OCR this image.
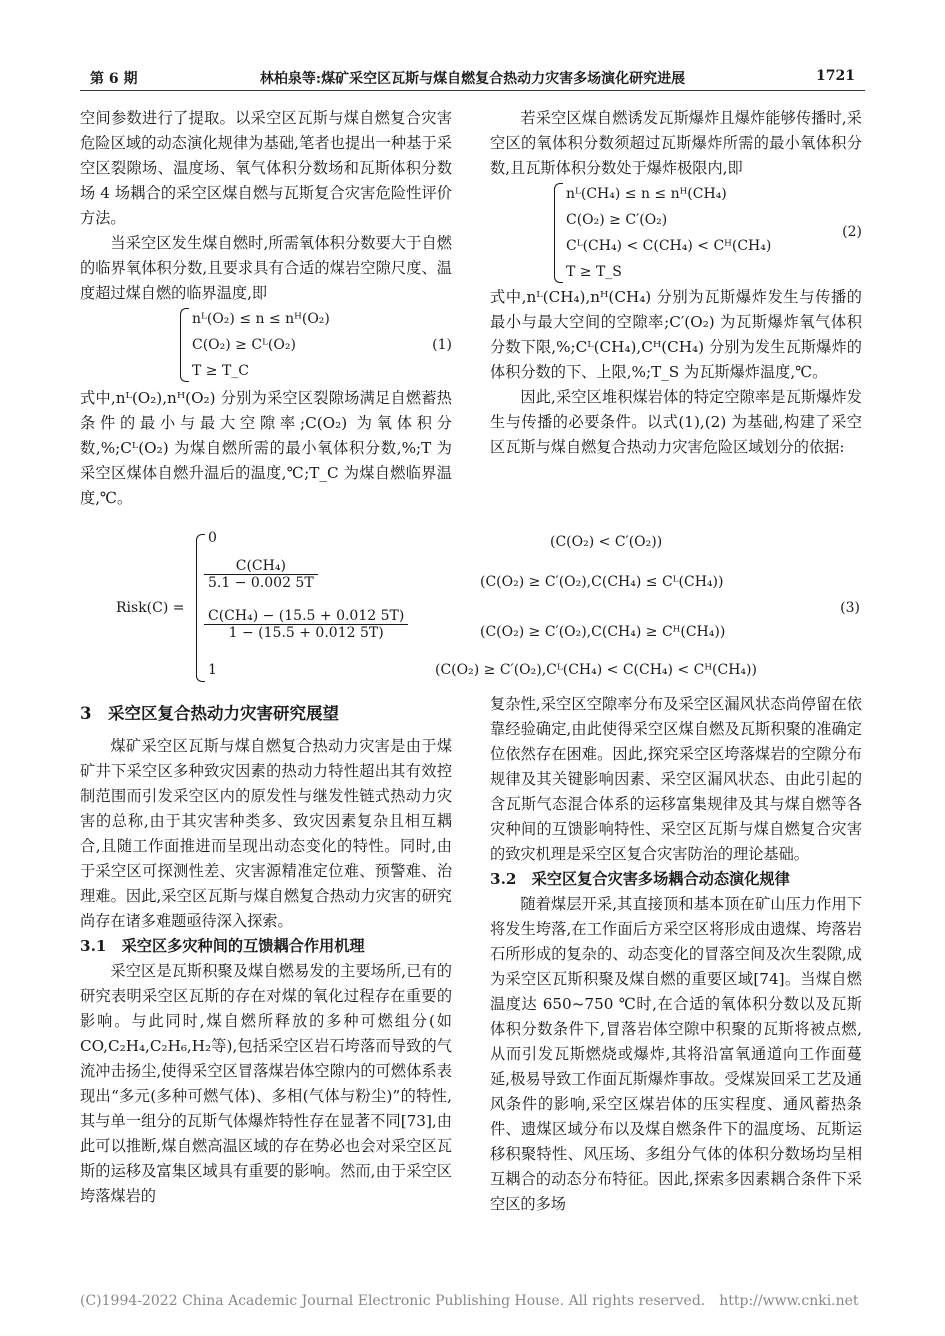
第 6 期	林柏泉等:煤矿采空区瓦斯与煤自燃复合热动力灾害多场演化研究进展	1721

空间参数进行了提取。以采空区瓦斯与煤自燃复合灾害危险区域的动态演化规律为基础,笔者也提出一种基于采空区裂隙场、温度场、氧气体积分数场和瓦斯体积分数场 4 场耦合的采空区煤自燃与瓦斯复合灾害危险性评价方法。

当采空区发生煤自燃时,所需氧体积分数要大于自燃的临界氧体积分数,且要求具有合适的煤岩空隙尺度、温度超过煤自燃的临界温度,即

nᴸ(O₂) ≤ n ≤ nᴴ(O₂)
C(O₂) ≥ Cᴸ(O₂)
T ≥ T_C
(1)

式中,nᴸ(O₂),nᴴ(O₂) 分别为采空区裂隙场满足自燃蓄热条件的最小与最大空隙率;C(O₂) 为氧体积分数,%;Cᴸ(O₂) 为煤自燃所需的最小氧体积分数,%;T 为采空区煤体自燃升温后的温度,℃;T_C 为煤自燃临界温度,℃。

若采空区煤自燃诱发瓦斯爆炸且爆炸能够传播时,采空区的氧体积分数须超过瓦斯爆炸所需的最小氧体积分数,且瓦斯体积分数处于爆炸极限内,即

nᴸ(CH₄) ≤ n ≤ nᴴ(CH₄)
C(O₂) ≥ C′(O₂)
Cᴸ(CH₄) < C(CH₄) < Cᴴ(CH₄)
T ≥ T_S
(2)

式中,nᴸ(CH₄),nᴴ(CH₄) 分别为瓦斯爆炸发生与传播的最小与最大空间的空隙率;C′(O₂) 为瓦斯爆炸氧气体积分数下限,%;Cᴸ(CH₄),Cᴴ(CH₄) 分别为发生瓦斯爆炸的体积分数的下、上限,%;T_S 为瓦斯爆炸温度,℃。

因此,采空区堆积煤岩体的特定空隙率是瓦斯爆炸发生与传播的必要条件。以式(1),(2) 为基础,构建了采空区瓦斯与煤自燃复合热动力灾害危险区域划分的依据:

Risk(C) =
0	(C(O₂) < C′(O₂))
$\frac{\text{C(CH₄)}}{5.1 - 0.002 5T}$	(C(O₂) ≥ C′(O₂),C(CH₄) ≤ Cᴸ(CH₄))
$\frac{\text{C(CH₄) − (15.5 + 0.012 5T)}}{1 - (15.5 + 0.012 5T)}$	(C(O₂) ≥ C′(O₂),C(CH₄) ≥ Cᴴ(CH₄))
1	(C(O₂) ≥ C′(O₂),Cᴸ(CH₄) < C(CH₄) < Cᴴ(CH₄))
(3)
3　采空区复合热动力灾害研究展望

煤矿采空区瓦斯与煤自燃复合热动力灾害是由于煤矿井下采空区多种致灾因素的热动力特性超出其有效控制范围而引发采空区内的原发性与继发性链式热动力灾害的总称,由于其灾害种类多、致灾因素复杂且相互耦合,且随工作面推进而呈现出动态变化的特性。同时,由于采空区可探测性差、灾害源精准定位难、预警难、治理难。因此,采空区瓦斯与煤自燃复合热动力灾害的研究尚存在诸多难题亟待深入探索。

3.1　采空区多灾种间的互馈耦合作用机理

采空区是瓦斯积聚及煤自燃易发的主要场所,已有的研究表明采空区瓦斯的存在对煤的氧化过程存在重要的影响。与此同时,煤自燃所释放的多种可燃组分(如 CO,C₂H₄,C₂H₆,H₂等),包括采空区岩石垮落而导致的气流冲击扬尘,使得采空区冒落煤岩体空隙内的可燃体系表现出“多元(多种可燃气体)、多相(气体与粉尘)”的特性,其与单一组分的瓦斯气体爆炸特性存在显著不同[73],由此可以推断,煤自燃高温区域的存在势必也会对采空区瓦斯的运移及富集区域具有重要的影响。然而,由于采空区垮落煤岩的

复杂性,采空区空隙率分布及采空区漏风状态尚停留在依靠经验确定,由此使得采空区煤自燃及瓦斯积聚的准确定位依然存在困难。因此,探究采空区垮落煤岩的空隙分布规律及其关键影响因素、采空区漏风状态、由此引起的含瓦斯气态混合体系的运移富集规律及其与煤自燃等各灾种间的互馈影响特性、采空区瓦斯与煤自燃复合灾害的致灾机理是采空区复合灾害防治的理论基础。

3.2　采空区复合灾害多场耦合动态演化规律

随着煤层开采,其直接顶和基本顶在矿山压力作用下将发生垮落,在工作面后方采空区将形成由遗煤、垮落岩石所形成的复杂的、动态变化的冒落空间及次生裂隙,成为采空区瓦斯积聚及煤自燃的重要区域[74]。当煤自燃温度达 650~750 ℃时,在合适的氧体积分数以及瓦斯体积分数条件下,冒落岩体空隙中积聚的瓦斯将被点燃,从而引发瓦斯燃烧或爆炸,其将沿富氧通道向工作面蔓延,极易导致工作面瓦斯爆炸事故。受煤炭回采工艺及通风条件的影响,采空区煤岩体的压实程度、通风蓄热条件、遗煤区域分布以及煤自燃条件下的温度场、瓦斯运移积聚特性、风压场、多组分气体的体积分数场均呈相互耦合的动态分布特征。因此,探索多因素耦合条件下采空区的多场

(C)1994-2022 China Academic Journal Electronic Publishing House. All rights reserved.　http://www.cnki.net
